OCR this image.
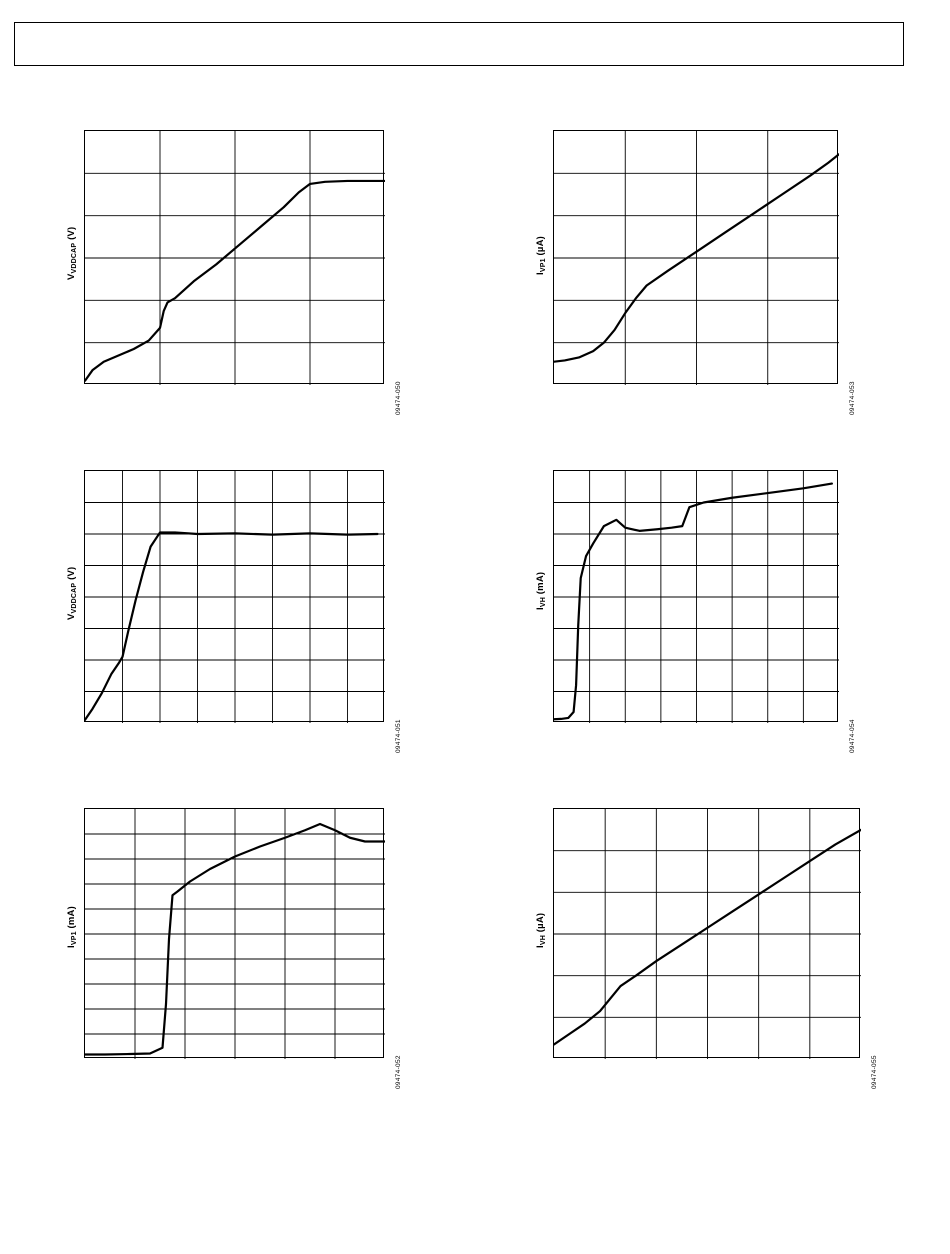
$V_{VDDCAP}$ (V)
09474-050
$I_{VP1}$ (µA)
09474-053
$V_{VDDCAP}$ (V)
09474-051
$I_{VH}$ (mA)
09474-054
$I_{VP1}$ (mA)
09474-052
$I_{VH}$ (µA)
09474-055
